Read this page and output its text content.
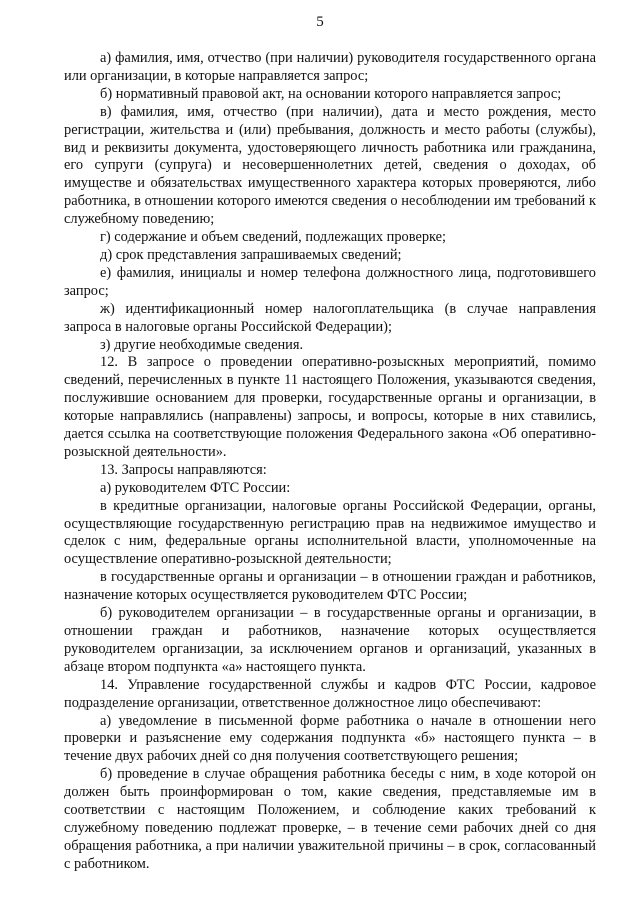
5

а) фамилия, имя, отчество (при наличии) руководителя государственного органа или организации, в которые направляется запрос;

б) нормативный правовой акт, на основании которого направляется запрос;

в) фамилия, имя, отчество (при наличии), дата и место рождения, место регистрации, жительства и (или) пребывания, должность и место работы (службы), вид и реквизиты документа, удостоверяющего личность работника или гражданина, его супруги (супруга) и несовершеннолетних детей, сведения о доходах, об имуществе и обязательствах имущественного характера которых проверяются, либо работника, в отношении которого имеются сведения о несоблюдении им требований к служебному поведению;

г) содержание и объем сведений, подлежащих проверке;

д) срок представления запрашиваемых сведений;

е) фамилия, инициалы и номер телефона должностного лица, подготовившего запрос;

ж) идентификационный номер налогоплательщика (в случае направления запроса в налоговые органы Российской Федерации);

з) другие необходимые сведения.

12. В запросе о проведении оперативно-розыскных мероприятий, помимо сведений, перечисленных в пункте 11 настоящего Положения, указываются сведения, послужившие основанием для проверки, государственные органы и организации, в которые направлялись (направлены) запросы, и вопросы, которые в них ставились, дается ссылка на соответствующие положения Федерального закона «Об оперативно-розыскной деятельности».

13. Запросы направляются:

а) руководителем ФТС России:

в кредитные организации, налоговые органы Российской Федерации, органы, осуществляющие государственную регистрацию прав на недвижимое имущество и сделок с ним, федеральные органы исполнительной власти, уполномоченные на осуществление оперативно-розыскной деятельности;

в государственные органы и организации – в отношении граждан и работников, назначение которых осуществляется руководителем ФТС России;

б) руководителем организации – в государственные органы и организации, в отношении граждан и работников, назначение которых осуществляется руководителем организации, за исключением органов и организаций, указанных в абзаце втором подпункта «а» настоящего пункта.

14. Управление государственной службы и кадров ФТС России, кадровое подразделение организации, ответственное должностное лицо обеспечивают:

а) уведомление в письменной форме работника о начале в отношении него проверки и разъяснение ему содержания подпункта «б» настоящего пункта – в течение двух рабочих дней со дня получения соответствующего решения;

б) проведение в случае обращения работника беседы с ним, в ходе которой он должен быть проинформирован о том, какие сведения, представляемые им в соответствии с настоящим Положением, и соблюдение каких требований к служебному поведению подлежат проверке, – в течение семи рабочих дней со дня обращения работника, а при наличии уважительной причины – в срок, согласованный с работником.
